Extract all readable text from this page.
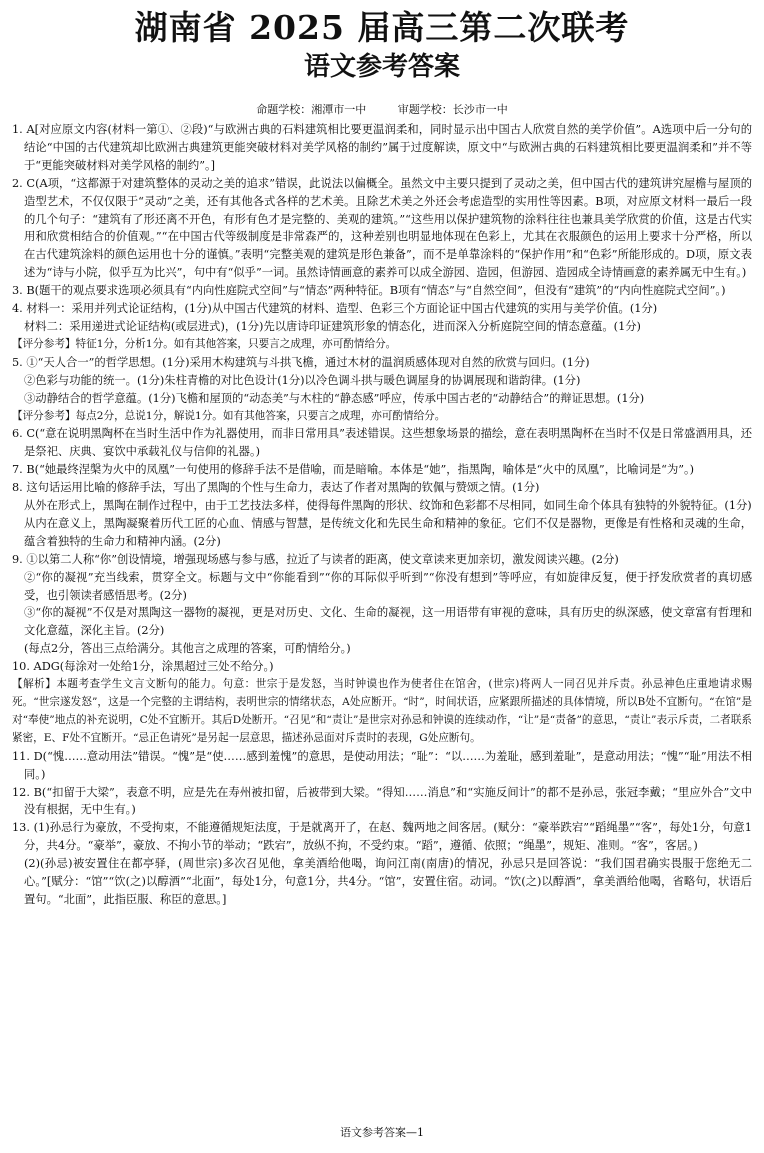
湖南省 2025 届高三第二次联考
语文参考答案
命题学校：湘潭市一中	审题学校：长沙市一中

1. A[对应原文内容(材料一第①、②段)“与欧洲古典的石料建筑相比要更温润柔和，同时显示出中国古人欣赏自然的美学价值”。A选项中后一分句的结论“中国的古代建筑却比欧洲古典建筑更能突破材料对美学风格的制约”属于过度解读，原文中“与欧洲古典的石料建筑相比要更温润柔和”并不等于“更能突破材料对美学风格的制约”。]

2. C(A项，“这都源于对建筑整体的灵动之美的追求”错误，此说法以偏概全。虽然文中主要只提到了灵动之美，但中国古代的建筑讲究屋檐与屋顶的造型艺术，不仅仅限于“灵动”之美，还有其他各式各样的艺术美。且除艺术美之外还会考虑造型的实用性等因素。B项，对应原文材料一最后一段的几个句子：“建筑有了形还离不开色，有形有色才是完整的、美观的建筑。”“这些用以保护建筑物的涂料往往也兼具美学欣赏的价值，这是古代实用和欣赏相结合的价值观。”“在中国古代等级制度是非常森严的，这种差别也明显地体现在色彩上，尤其在衣服颜色的运用上要求十分严格，所以在古代建筑涂料的颜色运用也十分的谨慎。”表明“完整美观的建筑是形色兼备”，而不是单靠涂料的“保护作用”和“色彩”所能形成的。D项，原文表述为“诗与小院，似乎互为比兴”，句中有“似乎”一词。虽然诗情画意的素养可以成全游园、造园，但游园、造园成全诗情画意的素养属无中生有。)

3. B(题干的观点要求选项必须具有“内向性庭院式空间”与“情态”两种特征。B项有“情态”与“自然空间”，但没有“建筑”的“内向性庭院式空间”。)

4. 材料一：采用并列式论证结构，(1分)从中国古代建筑的材料、造型、色彩三个方面论证中国古代建筑的实用与美学价值。(1分)

材料二：采用递进式论证结构(或层进式)，(1分)先以唐诗印证建筑形象的情态化，进而深入分析庭院空间的情态意蕴。(1分)

【评分参考】特征1分，分析1分。如有其他答案，只要言之成理，亦可酌情给分。

5. ①“天人合一”的哲学思想。(1分)采用木构建筑与斗拱飞檐，通过木材的温润质感体现对自然的欣赏与回归。(1分)

②色彩与功能的统一。(1分)朱柱青檐的对比色设计(1分)以冷色调斗拱与暖色调屋身的协调展现和谐韵律。(1分)

③动静结合的哲学意蕴。(1分)飞檐和屋顶的“动态美”与木柱的“静态感”呼应，传承中国古老的“动静结合”的辩证思想。(1分)

【评分参考】每点2分，总说1分，解说1分。如有其他答案，只要言之成理，亦可酌情给分。

6. C(“意在说明黑陶杯在当时生活中作为礼器使用，而非日常用具”表述错误。这些想象场景的描绘，意在表明黑陶杯在当时不仅是日常盛酒用具，还是祭祀、庆典、宴饮中承载礼仪与信仰的礼器。)

7. B(“她最终涅槃为火中的凤凰”一句使用的修辞手法不是借喻，而是暗喻。本体是“她”，指黑陶，喻体是“火中的凤凰”，比喻词是“为”。)

8. 这句话运用比喻的修辞手法，写出了黑陶的个性与生命力，表达了作者对黑陶的钦佩与赞颂之情。(1分)

从外在形式上，黑陶在制作过程中，由于工艺技法多样，使得每件黑陶的形状、纹饰和色彩都不尽相同，如同生命个体具有独特的外貌特征。(1分)

从内在意义上，黑陶凝聚着历代工匠的心血、情感与智慧，是传统文化和先民生命和精神的象征。它们不仅是器物，更像是有性格和灵魂的生命，蕴含着独特的生命力和精神内涵。(2分)

9. ①以第二人称“你”创设情境，增强现场感与参与感，拉近了与读者的距离，使文章读来更加亲切，激发阅读兴趣。(2分)

②“你的凝视”充当线索，贯穿全文。标题与文中“你能看到”“你的耳际似乎听到”“你没有想到”等呼应，有如旋律反复，便于抒发欣赏者的真切感受，也引领读者感悟思考。(2分)

③“你的凝视”不仅是对黑陶这一器物的凝视，更是对历史、文化、生命的凝视，这一用语带有审视的意味，具有历史的纵深感，使文章富有哲理和文化意蕴，深化主旨。(2分)

(每点2分，答出三点给满分。其他言之成理的答案，可酌情给分。)

10. ADG(每涂对一处给1分，涂黑超过三处不给分。)

【解析】本题考查学生文言文断句的能力。句意：世宗于是发怒，当时钟谟也作为使者住在馆舍，(世宗)将两人一同召见并斥责。孙忌神色庄重地请求赐死。“世宗遂发怒”，这是一个完整的主谓结构，表明世宗的情绪状态，A处应断开。“时”，时间状语，应紧跟所描述的具体情境，所以B处不宜断句。“在馆”是对“奉使”地点的补充说明，C处不宜断开。其后D处断开。“召见”和“责让”是世宗对孙忌和钟谟的连续动作，“让”是“责备”的意思，“责让”表示斥责，二者联系紧密，E、F处不宜断开。“忌正色请死”是另起一层意思，描述孙忌面对斥责时的表现，G处应断句。

11. D(“愧……意动用法”错误。“愧”是“使……感到羞愧”的意思，是使动用法；“耻”：“以……为羞耻，感到羞耻”，是意动用法；“愧”“耻”用法不相同。)

12. B(“扣留于大梁”，表意不明，应是先在寿州被扣留，后被带到大梁。“得知……消息”和“实施反间计”的都不是孙忌，张冠李戴；“里应外合”文中没有根据，无中生有。)

13. (1)孙忌行为豪放，不受拘束，不能遵循规矩法度，于是就离开了，在赵、魏两地之间客居。(赋分：“豪举跌宕”“蹈绳墨”“客”，每处1分，句意1分，共4分。“豪举”，豪放、不拘小节的举动；“跌宕”，放纵不拘，不受约束。“蹈”，遵循、依照；“绳墨”，规矩、准则。“客”，客居。)

(2)(孙忌)被安置住在都亭驿，(周世宗)多次召见他，拿美酒给他喝，询问江南(南唐)的情况，孙忌只是回答说：“我们国君确实畏服于您绝无二心。”[赋分：“馆”“饮(之)以醇酒”“北面”，每处1分，句意1分，共4分。“馆”，安置住宿。动词。“饮(之)以醇酒”，拿美酒给他喝，省略句，状语后置句。“北面”，此指臣服、称臣的意思。]

语文参考答案—1
